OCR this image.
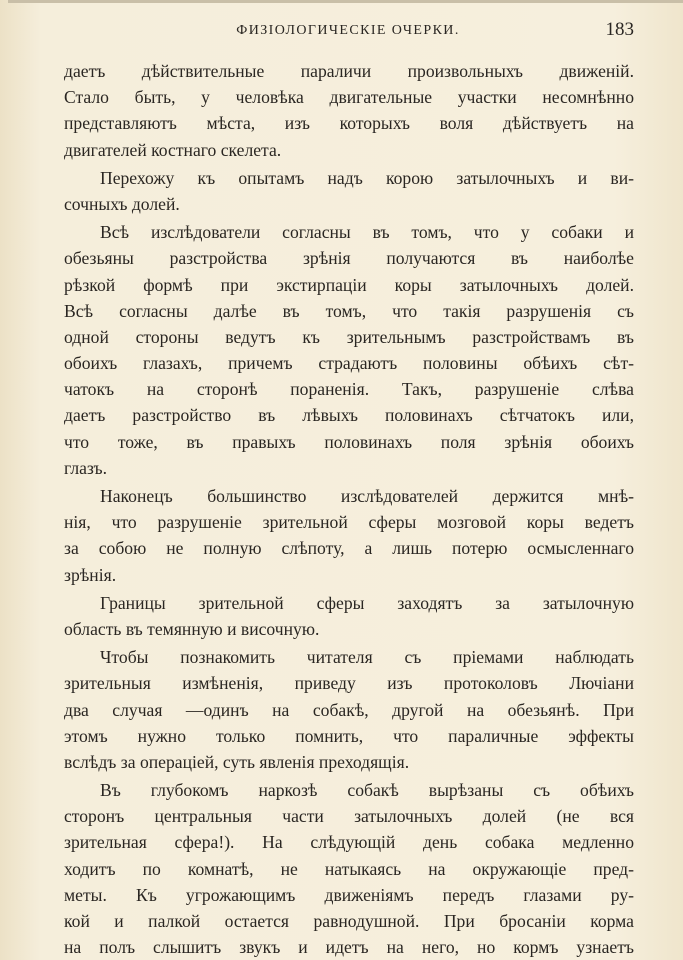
ФИЗІОЛОГИЧЕСКІЕ ОЧЕРКИ.	183
даетъ дѣйствительные параличи произвольныхъ движеній.
Стало быть, у человѣка двигательные участки несомнѣнно
представляютъ мѣста, изъ которыхъ воля дѣйствуетъ на
двигателей костнаго скелета.
Перехожу къ опытамъ надъ корою затылочныхъ и ви-
сочныхъ долей.
Всѣ изслѣдователи согласны въ томъ, что у собаки и
обезьяны разстройства зрѣнія получаются въ наиболѣе
рѣзкой формѣ при экстирпаціи коры затылочныхъ долей.
Всѣ согласны далѣе въ томъ, что такія разрушенія съ
одной стороны ведутъ къ зрительнымъ разстройствамъ въ
обоихъ глазахъ, причемъ страдаютъ половины обѣихъ сѣт-
чатокъ на сторонѣ пораненія. Такъ, разрушеніе слѣва
даетъ разстройство въ лѣвыхъ половинахъ сѣтчатокъ или,
что тоже, въ правыхъ половинахъ поля зрѣнія обоихъ
глазъ.
Наконецъ большинство изслѣдователей держится мнѣ-
нія, что разрушеніе зрительной сферы мозговой коры ведетъ
за собою не полную слѣпоту, а лишь потерю осмысленнаго
зрѣнія.
Границы зрительной сферы заходятъ за затылочную
область въ темянную и височную.
Чтобы познакомить читателя съ пріемами наблюдать
зрительныя измѣненія, приведу изъ протоколовъ Лючіани
два случая —одинъ на собакѣ, другой на обезьянѣ. При
этомъ нужно только помнить, что параличные эффекты
вслѣдъ за операціей, суть явленія преходящія.
Въ глубокомъ наркозѣ собакѣ вырѣзаны съ обѣихъ
сторонъ центральныя части затылочныхъ долей (не вся
зрительная сфера!). На слѣдующій день собака медленно
ходитъ по комнатѣ, не натыкаясь на окружающіе пред-
меты. Къ угрожающимъ движеніямъ передъ глазами ру-
кой и палкой остается равнодушной. При бросаніи корма
на полъ слышитъ звукъ и идетъ на него, но кормъ узнаетъ
